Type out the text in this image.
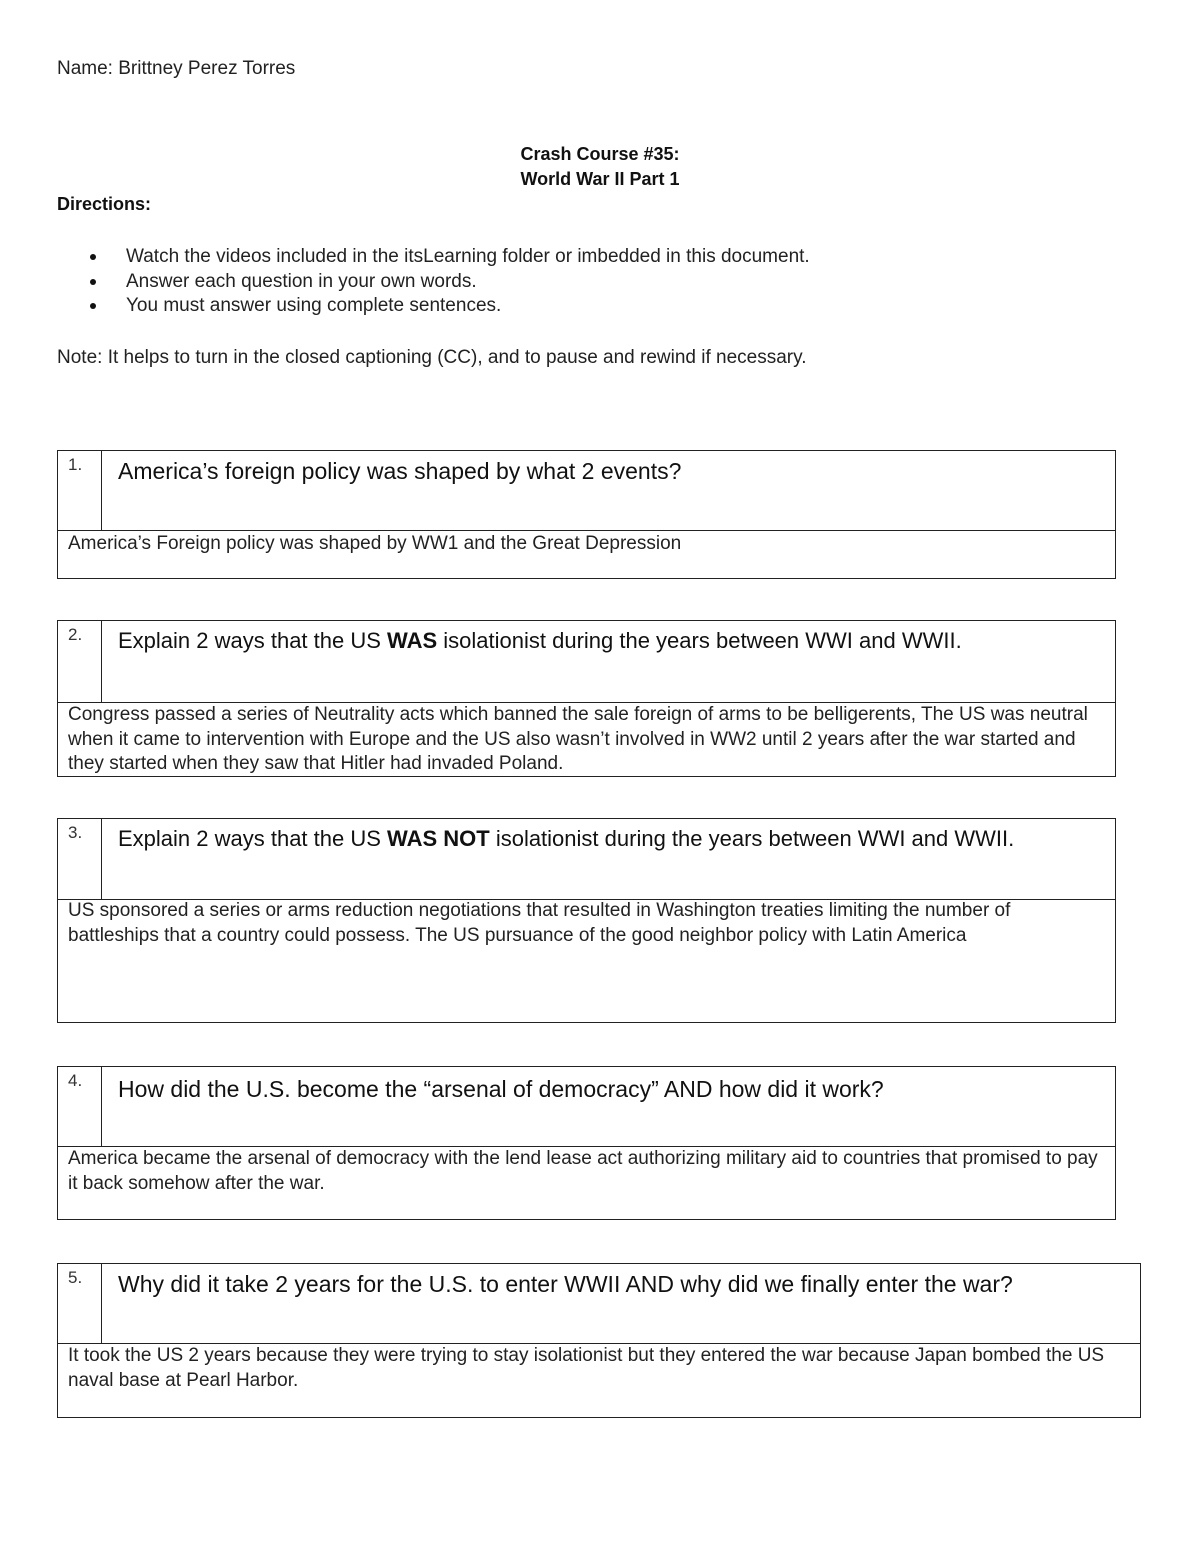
Name: Brittney Perez Torres
Crash Course #35:
World War II Part 1
Directions:
Watch the videos included in the itsLearning folder or imbedded in this document.
Answer each question in your own words.
You must answer using complete sentences.
Note: It helps to turn in the closed captioning (CC), and to pause and rewind if necessary.
1.	America’s foreign policy was shaped by what 2 events?
America’s Foreign policy was shaped by WW1 and the Great Depression
2.	Explain 2 ways that the US WAS isolationist during the years between WWI and WWII.
Congress passed a series of Neutrality acts which banned the sale foreign of arms to be belligerents, The US was neutral when it came to intervention with Europe and the US also wasn’t involved in WW2 until 2 years after the war started and they started when they saw that Hitler had invaded Poland.
3.	Explain 2 ways that the US WAS NOT isolationist during the years between WWI and WWII.
US sponsored a series or arms reduction negotiations that resulted in Washington treaties limiting the number of battleships that a country could possess. The US pursuance of the good neighbor policy with Latin America
4.	How did the U.S. become the “arsenal of democracy” AND how did it work?
America became the arsenal of democracy with the lend lease act authorizing military aid to countries that promised to pay it back somehow after the war.
5.	Why did it take 2 years for the U.S. to enter WWII AND why did we finally enter the war?
It took the US 2 years because they were trying to stay isolationist but they entered the war because Japan bombed the US naval base at Pearl Harbor.
